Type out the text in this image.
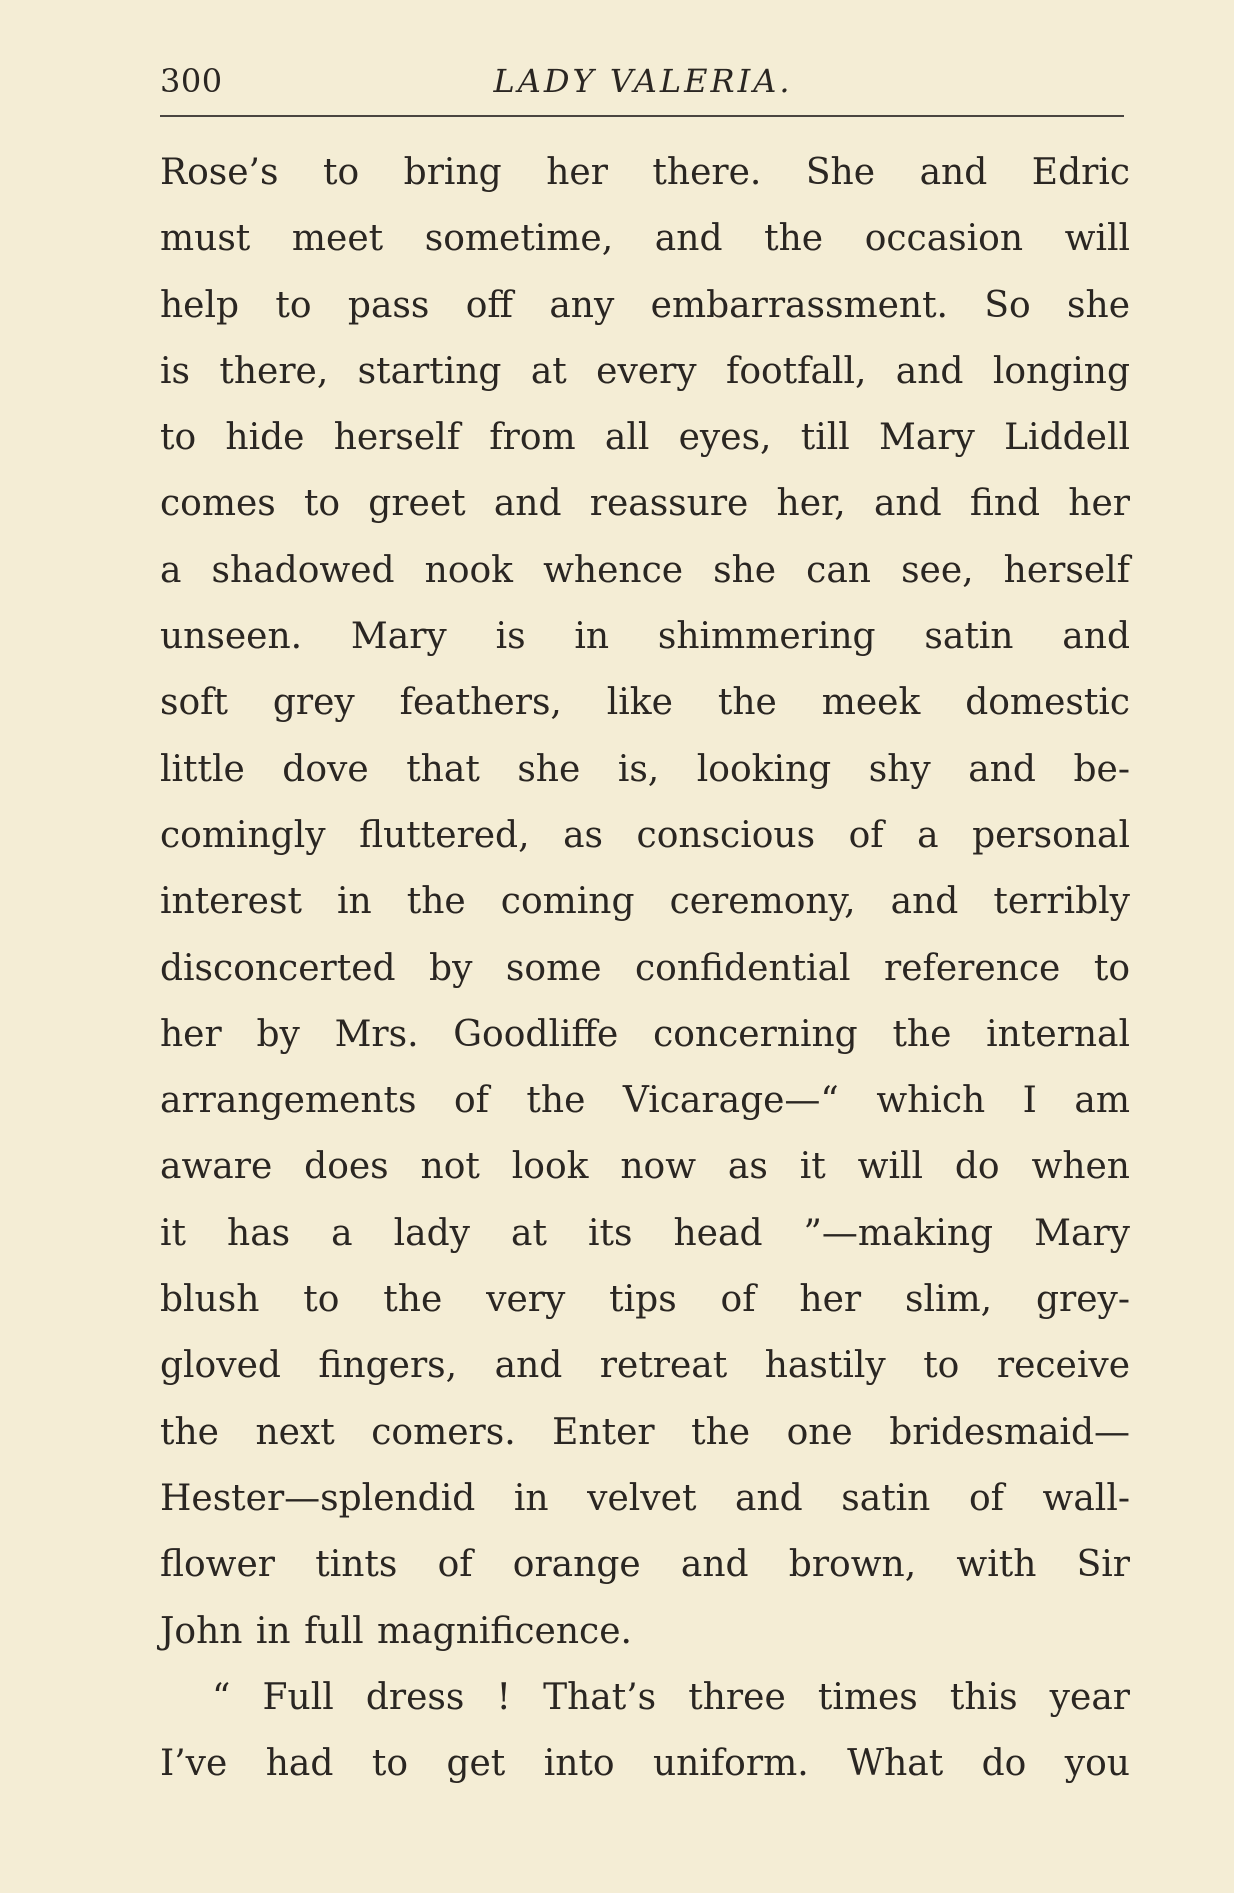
300	LADY VALERIA.
Rose’s to bring her there. She and Edric
must meet sometime, and the occasion will
help to pass off any embarrassment. So she
is there, starting at every footfall, and longing
to hide herself from all eyes, till Mary Liddell
comes to greet and reassure her, and find her
a shadowed nook whence she can see, herself
unseen. Mary is in shimmering satin and
soft grey feathers, like the meek domestic
little dove that she is, looking shy and be-
comingly fluttered, as conscious of a personal
interest in the coming ceremony, and terribly
disconcerted by some confidential reference to
her by Mrs. Goodliffe concerning the internal
arrangements of the Vicarage—“ which I am
aware does not look now as it will do when
it has a lady at its head ”—making Mary
blush to the very tips of her slim, grey-
gloved fingers, and retreat hastily to receive
the next comers. Enter the one bridesmaid—
Hester—splendid in velvet and satin of wall-
flower tints of orange and brown, with Sir
John in full magnificence.
“ Full dress ! That’s three times this year
I’ve had to get into uniform. What do you
